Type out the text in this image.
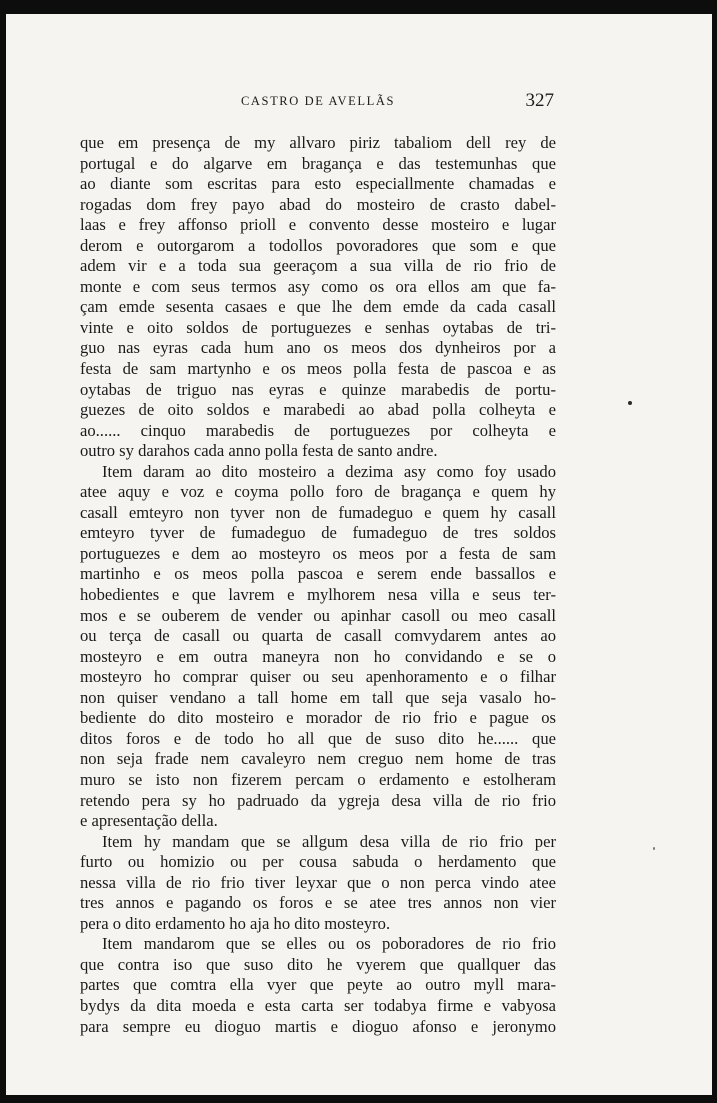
CASTRO DE AVELLÃS	327
que em presença de my allvaro piriz tabaliom dell rey de
portugal e do algarve em bragança e das testemunhas que
ao diante som escritas para esto especiallmente chamadas e
rogadas dom frey payo abad do mosteiro de crasto dabel-
laas e frey affonso prioll e convento desse mosteiro e lugar
derom e outorgarom a todollos povoradores que som e que
adem vir e a toda sua geeraçom a sua villa de rio frio de
monte e com seus termos asy como os ora ellos am que fa-
çam emde sesenta casaes e que lhe dem emde da cada casall
vinte e oito soldos de portuguezes e senhas oytabas de tri-
guo nas eyras cada hum ano os meos dos dynheiros por a
festa de sam martynho e os meos polla festa de pascoa e as
oytabas de triguo nas eyras e quinze marabedis de portu-
guezes de oito soldos e marabedi ao abad polla colheyta e
ao...... cinquo marabedis de portuguezes por colheyta e
outro sy darahos cada anno polla festa de santo andre.
Item daram ao dito mosteiro a dezima asy como foy usado
atee aquy e voz e coyma pollo foro de bragança e quem hy
casall emteyro non tyver non de fumadeguo e quem hy casall
emteyro tyver de fumadeguo de fumadeguo de tres soldos
portuguezes e dem ao mosteyro os meos por a festa de sam
martinho e os meos polla pascoa e serem ende bassallos e
hobedientes e que lavrem e mylhorem nesa villa e seus ter-
mos e se ouberem de vender ou apinhar casoll ou meo casall
ou terça de casall ou quarta de casall comvydarem antes ao
mosteyro e em outra maneyra non ho convidando e se o
mosteyro ho comprar quiser ou seu apenhoramento e o filhar
non quiser vendano a tall home em tall que seja vasalo ho-
bediente do dito mosteiro e morador de rio frio e pague os
ditos foros e de todo ho all que de suso dito he...... que
non seja frade nem cavaleyro nem creguo nem home de tras
muro se isto non fizerem percam o erdamento e estolheram
retendo pera sy ho padruado da ygreja desa villa de rio frio
e apresentação della.
Item hy mandam que se allgum desa villa de rio frio per
furto ou homizio ou per cousa sabuda o herdamento que
nessa villa de rio frio tiver leyxar que o non perca vindo atee
tres annos e pagando os foros e se atee tres annos non vier
pera o dito erdamento ho aja ho dito mosteyro.
Item mandarom que se elles ou os poboradores de rio frio
que contra iso que suso dito he vyerem que quallquer das
partes que comtra ella vyer que peyte ao outro myll mara-
bydys da dita moeda e esta carta ser todabya firme e vabyosa
para sempre eu dioguo martis e dioguo afonso e jeronymo
